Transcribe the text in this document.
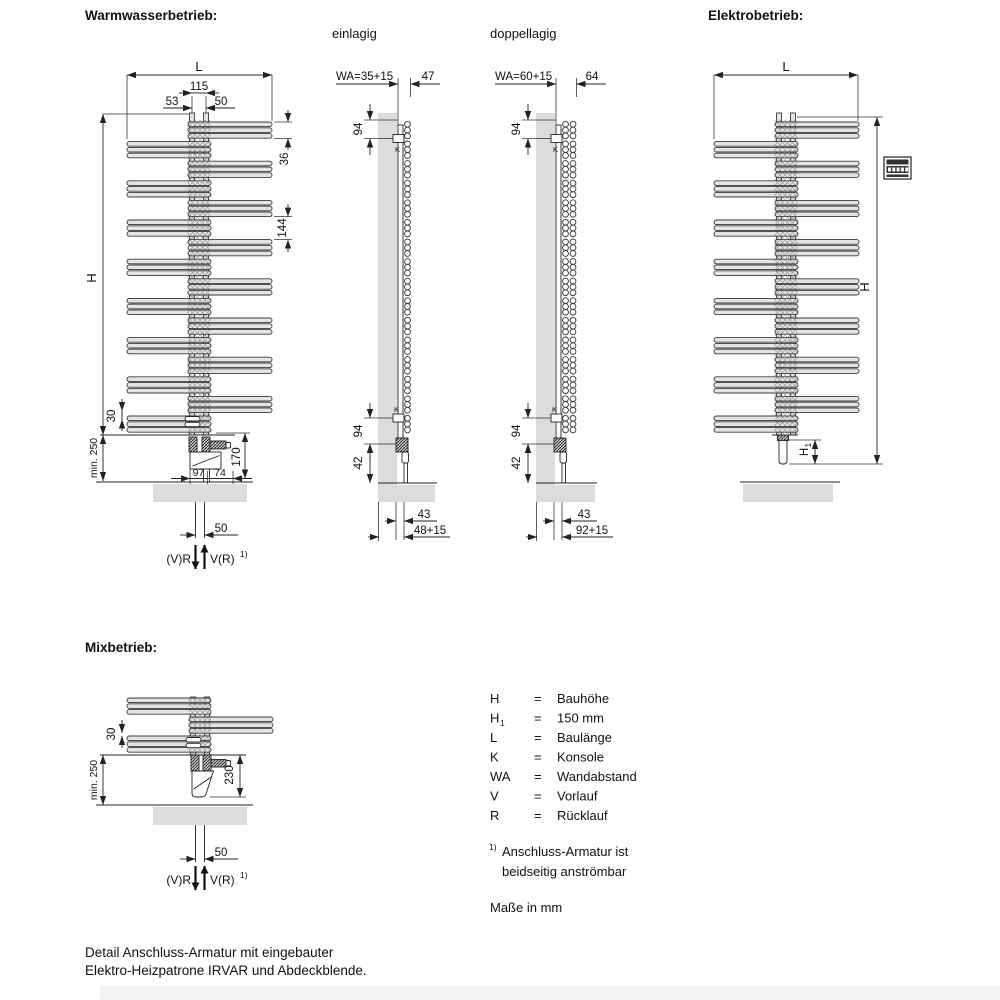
Warmwasserbetrieb:
L
115
53	50
36
144
H
30
min. 250	170
97 74
50
(V)R V(R) 1)
einlagig
WA=35+15 47
K
K
94
94
42
43
48+15
doppellagig
WA=60+15	64
K
K
94
94
42
43
92+15
Elektrobetrieb:
L
H
H
1
Mixbetrieb:
30
min. 250	230
50
(V)R V(R) 1)
H	= Bauhöhe
H 1 = 150 mm
L	= Baulänge
K	= Konsole
WA = Wandabstand
V	= Vorlauf
R	= Rücklauf
1) Anschluss-Armatur ist
beidseitig anströmbar
Maße in mm
Detail Anschluss-Armatur mit eingebauter
Elektro-Heizpatrone IRVAR und Abdeckblende.
